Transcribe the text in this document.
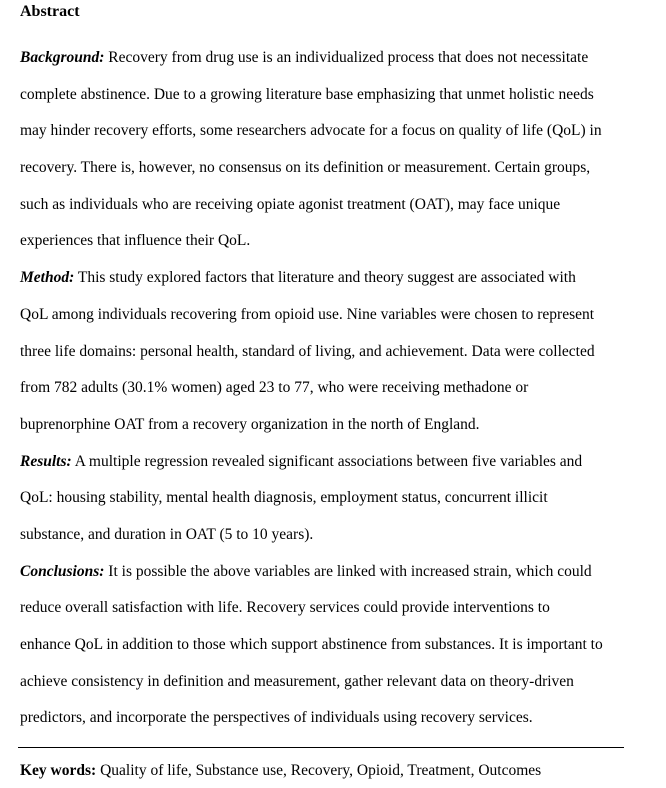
Abstract
Background: Recovery from drug use is an individualized process that does not necessitate
complete abstinence. Due to a growing literature base emphasizing that unmet holistic needs
may hinder recovery efforts, some researchers advocate for a focus on quality of life (QoL) in
recovery. There is, however, no consensus on its definition or measurement. Certain groups,
such as individuals who are receiving opiate agonist treatment (OAT), may face unique
experiences that influence their QoL.
Method: This study explored factors that literature and theory suggest are associated with
QoL among individuals recovering from opioid use. Nine variables were chosen to represent
three life domains: personal health, standard of living, and achievement. Data were collected
from 782 adults (30.1% women) aged 23 to 77, who were receiving methadone or
buprenorphine OAT from a recovery organization in the north of England.
Results: A multiple regression revealed significant associations between five variables and
QoL: housing stability, mental health diagnosis, employment status, concurrent illicit
substance, and duration in OAT (5 to 10 years).
Conclusions: It is possible the above variables are linked with increased strain, which could
reduce overall satisfaction with life. Recovery services could provide interventions to
enhance QoL in addition to those which support abstinence from substances. It is important to
achieve consistency in definition and measurement, gather relevant data on theory-driven
predictors, and incorporate the perspectives of individuals using recovery services.
Key words: Quality of life, Substance use, Recovery, Opioid, Treatment, Outcomes
